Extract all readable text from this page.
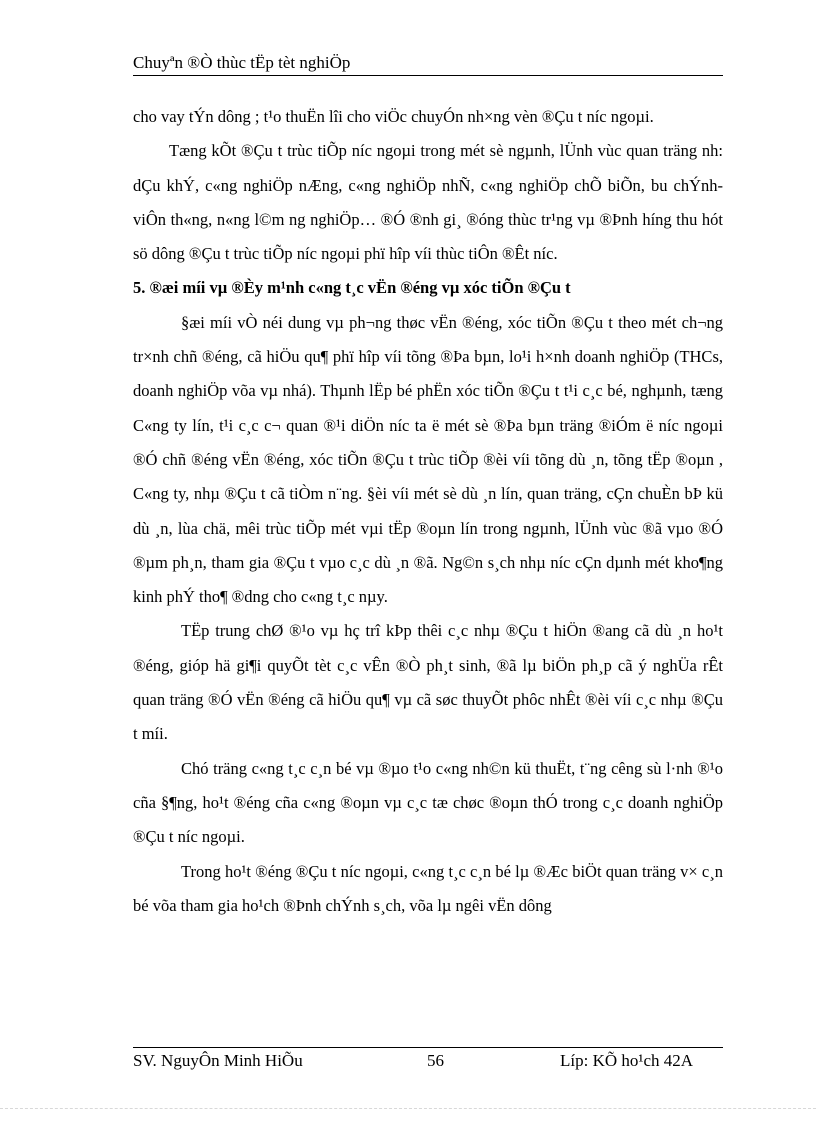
Chuyªn ®Ò thùc tËp tèt nghiÖp

cho vay tÝn dông ; t¹o thuËn lîi cho viÖc chuyÓn nh×ng vèn ®Çu t níc ngoµi.

Tæng kÕt ®Çu t trùc tiÕp níc ngoµi trong mét sè ngµnh, lÜnh vùc quan träng nh: dÇu khÝ, c«ng nghiÖp nÆng, c«ng nghiÖp nhÑ, c«ng nghiÖp chÕ biÕn, bu chÝnh- viÔn th«ng, n«ng l©m ng nghiÖp… ®Ó ®nh gi¸ ®óng thùc tr¹ng vµ ®Þnh híng thu hót sö dông ®Çu t trùc tiÕp níc ngoµi phï hîp víi thùc tiÔn ®Êt níc.

5. ®æi míi vµ ®Èy m¹nh c«ng t¸c vËn ®éng vµ xóc tiÕn ®Çu t

§æi míi vÒ néi dung vµ ph¬ng thøc vËn ®éng, xóc tiÕn ®Çu t theo mét ch¬ng tr×nh chñ ®éng, cã hiÖu qu¶ phï hîp víi tõng ®Þa bµn, lo¹i h×nh doanh nghiÖp (THCs, doanh nghiÖp võa vµ nhá). Thµnh lËp bé phËn xóc tiÕn ®Çu t t¹i c¸c bé, nghµnh, tæng C«ng ty lín, t¹i c¸c c¬ quan ®¹i diÖn níc ta ë mét sè ®Þa bµn träng ®iÓm ë níc ngoµi ®Ó chñ ®éng vËn ®éng, xóc tiÕn ®Çu t trùc tiÕp ®èi víi tõng dù ¸n, tõng tËp ®oµn , C«ng ty, nhµ ®Çu t cã tiÒm n¨ng. §èi víi mét sè dù ¸n lín, quan träng, cÇn chuÈn bÞ kü dù ¸n, lùa chä, mêi trùc tiÕp mét vµi tËp ®oµn lín trong ngµnh, lÜnh vùc ®ã vµo ®Ó ®µm ph¸n, tham gia ®Çu t vµo c¸c dù ¸n ®ã. Ng©n s¸ch nhµ níc cÇn dµnh mét kho¶ng kinh phÝ tho¶ ®dng cho c«ng t¸c nµy.

TËp trung chØ ®¹o vµ hç trî kÞp thêi c¸c nhµ ®Çu t hiÖn ®ang cã dù ¸n ho¹t ®éng, gióp hä gi¶i quyÕt tèt c¸c vÊn ®Ò ph¸t sinh, ®ã lµ biÖn ph¸p cã ý nghÜa rÊt quan träng ®Ó vËn ®éng cã hiÖu qu¶ vµ cã søc thuyÕt phôc nhÊt ®èi víi c¸c nhµ ®Çu t míi.

Chó träng c«ng t¸c c¸n bé vµ ®µo t¹o c«ng nh©n kü thuËt, t¨ng cêng sù l·nh ®¹o cña §¶ng, ho¹t ®éng cña c«ng ®oµn vµ c¸c tæ chøc ®oµn thÓ trong c¸c doanh nghiÖp ®Çu t níc ngoµi.

Trong ho¹t ®éng ®Çu t níc ngoµi, c«ng t¸c c¸n bé lµ ®Æc biÖt quan träng v× c¸n bé võa tham gia ho¹ch ®Þnh chÝnh s¸ch, võa lµ ngêi vËn dông

SV. NguyÔn Minh HiÕu	56	Líp: KÕ ho¹ch 42A
